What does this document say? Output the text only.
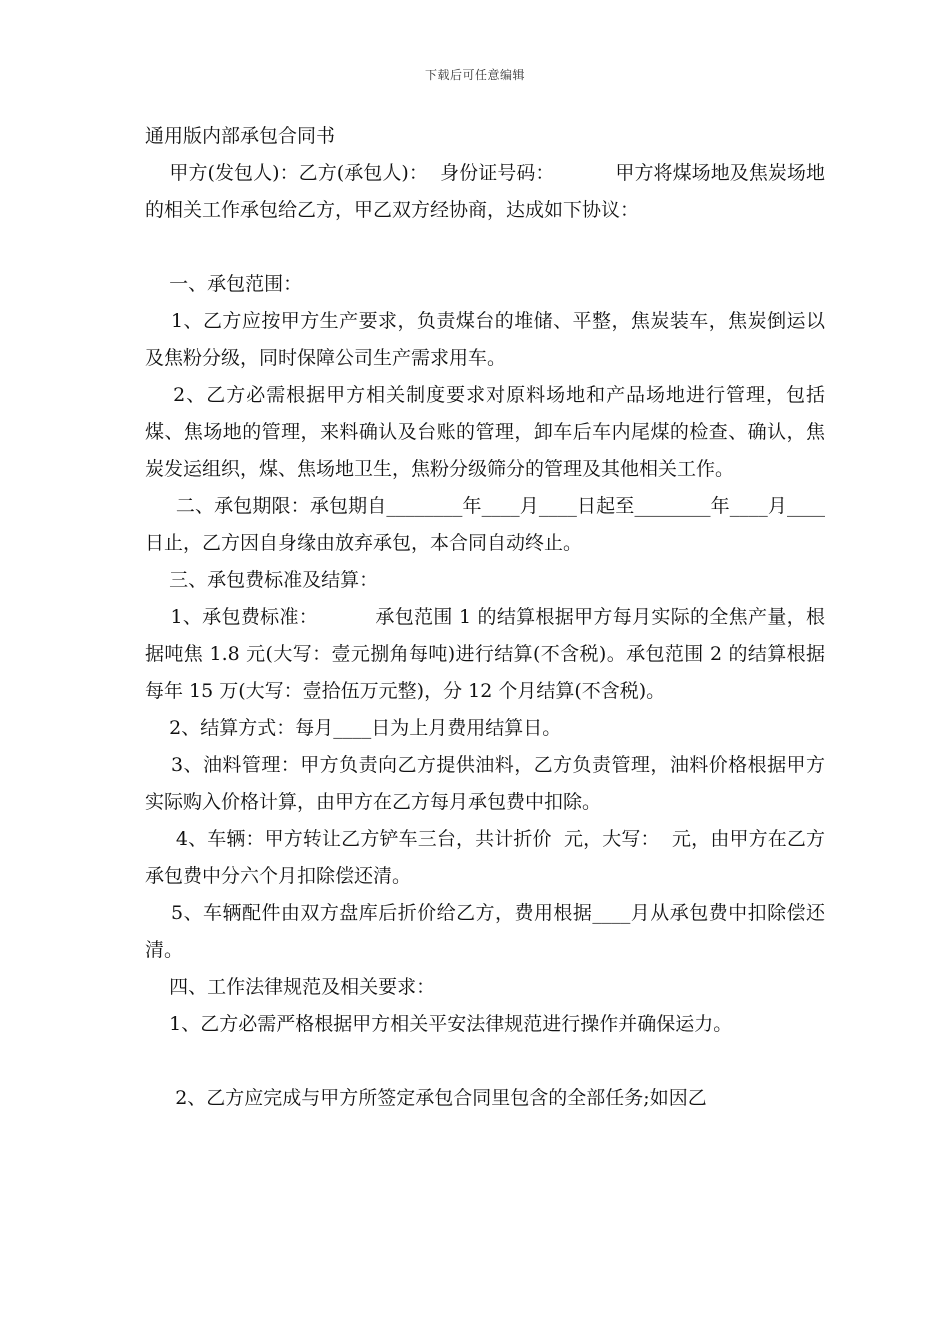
下载后可任意编辑
通用版内部承包合同书

甲方(发包人)：乙方(承包人)：  身份证号码：          甲方将煤场地及焦炭场地的相关工作承包给乙方，甲乙双方经协商，达成如下协议：

一、承包范围：

1、乙方应按甲方生产要求，负责煤台的堆储、平整，焦炭装车，焦炭倒运以及焦粉分级，同时保障公司生产需求用车。

2、乙方必需根据甲方相关制度要求对原料场地和产品场地进行管理，包括煤、焦场地的管理，来料确认及台账的管理，卸车后车内尾煤的检查、确认，焦炭发运组织，煤、焦场地卫生，焦粉分级筛分的管理及其他相关工作。

二、承包期限：承包期自________年____月____日起至________年____月____日止，乙方因自身缘由放弃承包，本合同自动终止。

三、承包费标准及结算：

1、承包费标准：         承包范围 1 的结算根据甲方每月实际的全焦产量，根据吨焦 1.8 元(大写：壹元捌角每吨)进行结算(不含税)。承包范围 2 的结算根据每年 15 万(大写：壹拾伍万元整)，分 12 个月结算(不含税)。

2、结算方式：每月____日为上月费用结算日。

3、油料管理：甲方负责向乙方提供油料，乙方负责管理，油料价格根据甲方实际购入价格计算，由甲方在乙方每月承包费中扣除。

4、车辆：甲方转让乙方铲车三台，共计折价  元，大写：  元，由甲方在乙方承包费中分六个月扣除偿还清。

5、车辆配件由双方盘库后折价给乙方，费用根据____月从承包费中扣除偿还清。

四、工作法律规范及相关要求：

1、乙方必需严格根据甲方相关平安法律规范进行操作并确保运力。

2、乙方应完成与甲方所签定承包合同里包含的全部任务;如因乙
